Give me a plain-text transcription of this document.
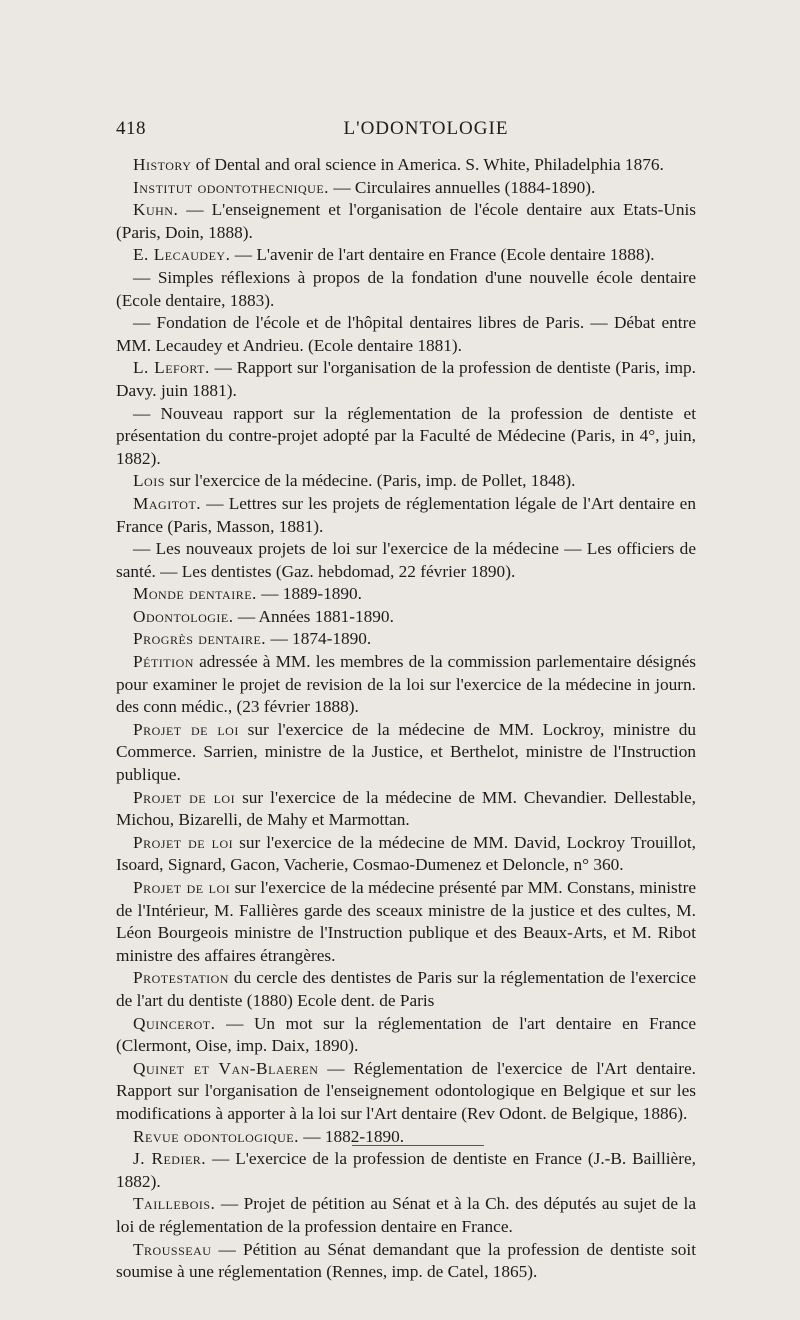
418	L'ODONTOLOGIE

History of Dental and oral science in America. S. White, Philadelphia 1876.

Institut odontothecnique. — Circulaires annuelles (1884-1890).

Kuhn. — L'enseignement et l'organisation de l'école dentaire aux Etats-Unis (Paris, Doin, 1888).

E. Lecaudey. — L'avenir de l'art dentaire en France (Ecole dentaire 1888).

— Simples réflexions à propos de la fondation d'une nouvelle école dentaire (Ecole dentaire, 1883).

— Fondation de l'école et de l'hôpital dentaires libres de Paris. — Débat entre MM. Lecaudey et Andrieu. (Ecole dentaire 1881).

L. Lefort. — Rapport sur l'organisation de la profession de dentiste (Paris, imp. Davy. juin 1881).

— Nouveau rapport sur la réglementation de la profession de dentiste et présentation du contre-projet adopté par la Faculté de Médecine (Paris, in 4°, juin, 1882).

Lois sur l'exercice de la médecine. (Paris, imp. de Pollet, 1848).

Magitot. — Lettres sur les projets de réglementation légale de l'Art dentaire en France (Paris, Masson, 1881).

— Les nouveaux projets de loi sur l'exercice de la médecine — Les officiers de santé. — Les dentistes (Gaz. hebdomad, 22 février 1890).

Monde dentaire. — 1889-1890.

Odontologie. — Années 1881-1890.

Progrès dentaire. — 1874-1890.

Pétition adressée à MM. les membres de la commission parlementaire désignés pour examiner le projet de revision de la loi sur l'exercice de la médecine in journ. des conn médic., (23 février 1888).

Projet de loi sur l'exercice de la médecine de MM. Lockroy, ministre du Commerce. Sarrien, ministre de la Justice, et Berthelot, ministre de l'Instruction publique.

Projet de loi sur l'exercice de la médecine de MM. Chevandier. Dellestable, Michou, Bizarelli, de Mahy et Marmottan.

Projet de loi sur l'exercice de la médecine de MM. David, Lockroy Trouillot, Isoard, Signard, Gacon, Vacherie, Cosmao-Dumenez et Deloncle, n° 360.

Projet de loi sur l'exercice de la médecine présenté par MM. Constans, ministre de l'Intérieur, M. Fallières garde des sceaux ministre de la justice et des cultes, M. Léon Bourgeois ministre de l'Instruction publique et des Beaux-Arts, et M. Ribot ministre des affaires étrangères.

Protestation du cercle des dentistes de Paris sur la réglementation de l'exercice de l'art du dentiste (1880) Ecole dent. de Paris

Quincerot. — Un mot sur la réglementation de l'art dentaire en France (Clermont, Oise, imp. Daix, 1890).

Quinet et Van-Blaeren — Réglementation de l'exercice de l'Art dentaire. Rapport sur l'organisation de l'enseignement odontologique en Belgique et sur les modifications à apporter à la loi sur l'Art dentaire (Rev Odont. de Belgique, 1886).

Revue odontologique. — 1882-1890.

J. Redier. — L'exercice de la profession de dentiste en France (J.-B. Baillière, 1882).

Taillebois. — Projet de pétition au Sénat et à la Ch. des députés au sujet de la loi de réglementation de la profession dentaire en France.

Trousseau — Pétition au Sénat demandant que la profession de dentiste soit soumise à une réglementation (Rennes, imp. de Catel, 1865).
